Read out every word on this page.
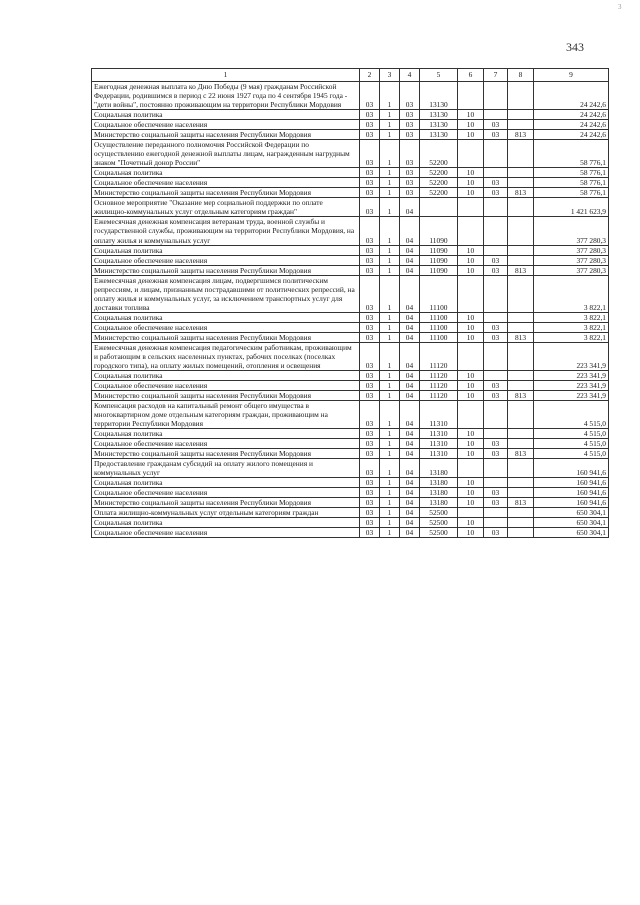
3
343
1	2	3	4	5	6	7	8	9
Ежегодная денежная выплата ко Дню Победы (9 мая) гражданам Российской Федерации, родившимся в период с 22 июня 1927 года по 4 сентября 1945 года - "дети войны", постоянно проживающим на территории Республики Мордовия	03	1	03	13130				24 242,6
Социальная политика	03	1	03	13130	10			24 242,6
Социальное обеспечение населения	03	1	03	13130	10	03		24 242,6
Министерство социальной защиты населения Республики Мордовия	03	1	03	13130	10	03	813	24 242,6
Осуществление переданного полномочия Российской Федерации по осуществлению ежегодной денежной выплаты лицам, награжденным нагрудным знаком "Почетный донор России"	03	1	03	52200				58 776,1
Социальная политика	03	1	03	52200	10			58 776,1
Социальное обеспечение населения	03	1	03	52200	10	03		58 776,1
Министерство социальной защиты населения Республики Мордовия	03	1	03	52200	10	03	813	58 776,1
Основное мероприятие "Оказание мер социальной поддержки по оплате жилищно-коммунальных услуг отдельным категориям граждан"	03	1	04					1 421 623,9
Ежемесячная денежная компенсация ветеранам труда, военной службы и государственной службы, проживающим на территории Республики Мордовия, на оплату жилья и коммунальных услуг	03	1	04	11090				377 280,3
Социальная политика	03	1	04	11090	10			377 280,3
Социальное обеспечение населения	03	1	04	11090	10	03		377 280,3
Министерство социальной защиты населения Республики Мордовия	03	1	04	11090	10	03	813	377 280,3
Ежемесячная денежная компенсация лицам, подвергшимся политическим репрессиям, и лицам, признанным пострадавшими от политических репрессий, на оплату жилья и коммунальных услуг, за исключением транспортных услуг для доставки топлива	03	1	04	11100				3 822,1
Социальная политика	03	1	04	11100	10			3 822,1
Социальное обеспечение населения	03	1	04	11100	10	03		3 822,1
Министерство социальной защиты населения Республики Мордовия	03	1	04	11100	10	03	813	3 822,1
Ежемесячная денежная компенсация педагогическим работникам, проживающим и работающим в сельских населенных пунктах, рабочих поселках (поселках городского типа), на оплату жилых помещений, отопления и освещения	03	1	04	11120				223 341,9
Социальная политика	03	1	04	11120	10			223 341,9
Социальное обеспечение населения	03	1	04	11120	10	03		223 341,9
Министерство социальной защиты населения Республики Мордовия	03	1	04	11120	10	03	813	223 341,9
Компенсация расходов на капитальный ремонт общего имущества в многоквартирном доме отдельным категориям граждан, проживающим на территории Республики Мордовия	03	1	04	11310				4 515,0
Социальная политика	03	1	04	11310	10			4 515,0
Социальное обеспечение населения	03	1	04	11310	10	03		4 515,0
Министерство социальной защиты населения Республики Мордовия	03	1	04	11310	10	03	813	4 515,0
Предоставление гражданам субсидий на оплату жилого помещения и коммунальных услуг	03	1	04	13180				160 941,6
Социальная политика	03	1	04	13180	10			160 941,6
Социальное обеспечение населения	03	1	04	13180	10	03		160 941,6
Министерство социальной защиты населения Республики Мордовия	03	1	04	13180	10	03	813	160 941,6
Оплата жилищно-коммунальных услуг отдельным категориям граждан	03	1	04	52500				650 304,1
Социальная политика	03	1	04	52500	10			650 304,1
Социальное обеспечение населения	03	1	04	52500	10	03		650 304,1
